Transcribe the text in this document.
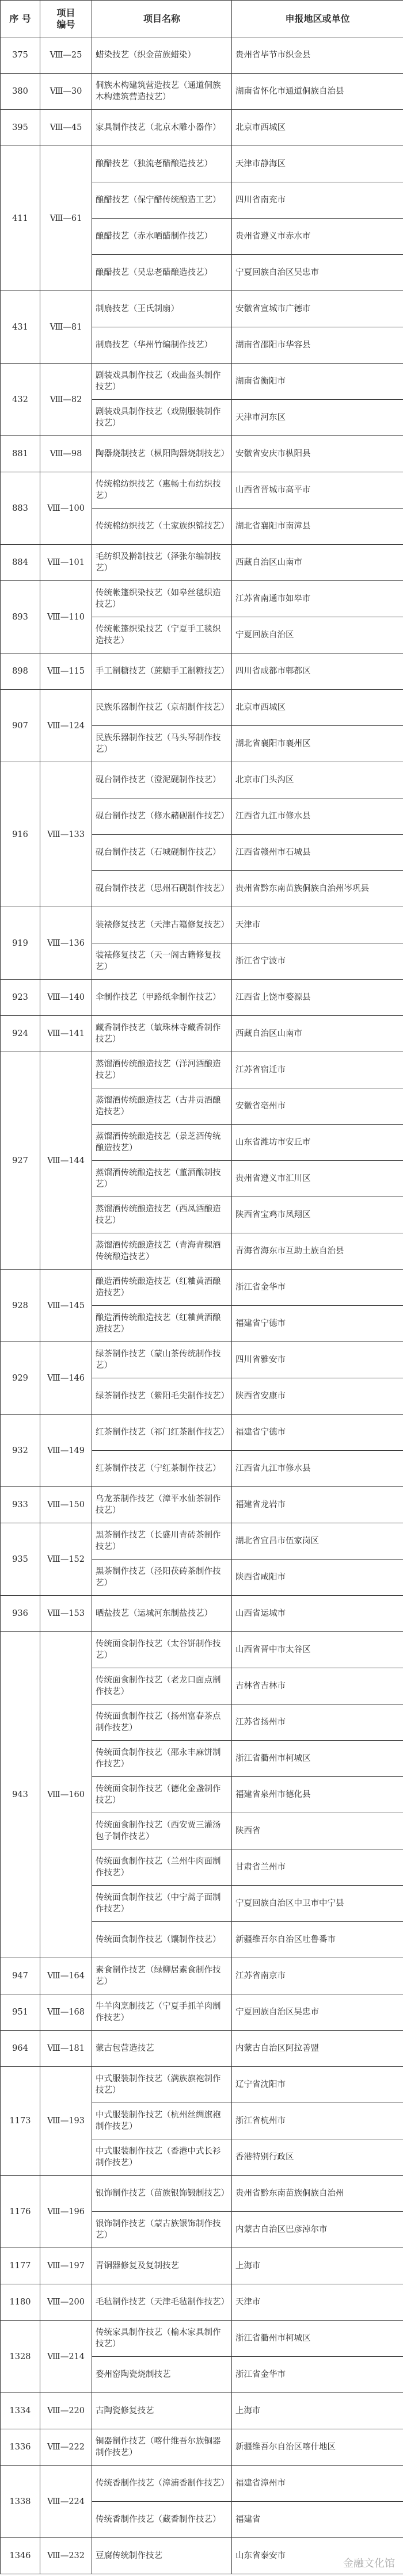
序 号	项目
编号	项目名称	申报地区或单位
375	Ⅷ—25	蜡染技艺（织金苗族蜡染）	贵州省毕节市织金县
380	Ⅷ—30	侗族木构建筑营造技艺（通道侗族木构建筑营造技艺）	湖南省怀化市通道侗族自治县
395	Ⅷ—45	家具制作技艺（北京木雕小器作）	北京市西城区
411	Ⅷ—61	酿醋技艺（独流老醋酿造技艺）	天津市静海区
		酿醋技艺（保宁醋传统酿造工艺）	四川省南充市
		酿醋技艺（赤水晒醋制作技艺）	贵州省遵义市赤水市
		酿醋技艺（吴忠老醋酿造技艺）	宁夏回族自治区吴忠市
431	Ⅷ—81	制扇技艺（王氏制扇）	安徽省宣城市广德市
		制扇技艺（华州竹编制作技艺）	湖南省邵阳市华容县
432	Ⅷ—82	剧装戏具制作技艺（戏曲盔头制作技艺）	湖南省衡阳市
		剧装戏具制作技艺（戏剧服装制作技艺）	天津市河东区
881	Ⅷ—98	陶器烧制技艺（枞阳陶器烧制技艺）	安徽省安庆市枞阳县
883	Ⅷ—100	传统棉纺织技艺（惠畅土布纺织技艺）	山西省晋城市高平市
		传统棉纺织技艺（土家族织锦技艺）	湖北省襄阳市南漳县
884	Ⅷ—101	毛纺织及擀制技艺（泽张尔编制技艺）	西藏自治区山南市
893	Ⅷ—110	传统帐篷织染技艺（如皋丝毯织造技艺）	江苏省南通市如皋市
		传统帐篷织染技艺（宁夏手工毯织造技艺）	宁夏回族自治区
898	Ⅷ—115	手工制糖技艺（蔗糖手工制糖技艺）	四川省成都市郫都区
907	Ⅷ—124	民族乐器制作技艺（京胡制作技艺）	北京市西城区
		民族乐器制作技艺（马头琴制作技艺）	湖北省襄阳市襄州区
916	Ⅷ—133	砚台制作技艺（澄泥砚制作技艺）	北京市门头沟区
		砚台制作技艺（修水赭砚制作技艺）	江西省九江市修水县
		砚台制作技艺（石城砚制作技艺）	江西省赣州市石城县
		砚台制作技艺（思州石砚制作技艺）	贵州省黔东南苗族侗族自治州岑巩县
919	Ⅷ—136	装裱修复技艺（天津古籍修复技艺）	天津市
		装裱修复技艺（天一阁古籍修复技艺）	浙江省宁波市
923	Ⅷ—140	伞制作技艺（甲路纸伞制作技艺）	江西省上饶市婺源县
924	Ⅷ—141	藏香制作技艺（敏珠林寺藏香制作技艺）	西藏自治区山南市
927	Ⅷ—144	蒸馏酒传统酿造技艺（洋河酒酿造技艺）	江苏省宿迁市
		蒸馏酒传统酿造技艺（古井贡酒酿造技艺）	安徽省亳州市
		蒸馏酒传统酿造技艺（景芝酒传统酿造技艺）	山东省潍坊市安丘市
		蒸馏酒传统酿造技艺（董酒酿制技艺）	贵州省遵义市汇川区
		蒸馏酒传统酿造技艺（西凤酒酿造技艺）	陕西省宝鸡市凤翔区
		蒸馏酒传统酿造技艺（青海青稞酒传统酿造技艺）	青海省海东市互助土族自治县
928	Ⅷ—145	酿造酒传统酿造技艺（红粬黄酒酿造技艺）	浙江省金华市
		酿造酒传统酿造技艺（红粬黄酒酿造技艺）	福建省宁德市
929	Ⅷ—146	绿茶制作技艺（蒙山茶传统制作技艺）	四川省雅安市
		绿茶制作技艺（紫阳毛尖制作技艺）	陕西省安康市
932	Ⅷ—149	红茶制作技艺（祁门红茶制作技艺）	福建省宁德市
		红茶制作技艺（宁红茶制作技艺）	江西省九江市修水县
933	Ⅷ—150	乌龙茶制作技艺（漳平水仙茶制作技艺）	福建省龙岩市
935	Ⅷ—152	黑茶制作技艺（长盛川青砖茶制作技艺）	湖北省宜昌市伍家岗区
		黑茶制作技艺（泾阳茯砖茶制作技艺）	陕西省咸阳市
936	Ⅷ—153	晒盐技艺（运城河东制盐技艺）	山西省运城市
943	Ⅷ—160	传统面食制作技艺（太谷饼制作技艺）	山西省晋中市太谷区
		传统面食制作技艺（老龙口面点制作技艺）	吉林省吉林市
		传统面食制作技艺（扬州富春茶点制作技艺）	江苏省扬州市
		传统面食制作技艺（邵永丰麻饼制作技艺）	浙江省衢州市柯城区
		传统面食制作技艺（德化金盏制作技艺）	福建省泉州市德化县
		传统面食制作技艺（西安贾三灌汤包子制作技艺）	陕西省
		传统面食制作技艺（兰州牛肉面制作技艺）	甘肃省兰州市
		传统面食制作技艺（中宁蒿子面制作技艺）	宁夏回族自治区中卫市中宁县
		传统面食制作技艺（馕制作技艺）	新疆维吾尔自治区吐鲁番市
947	Ⅷ—164	素食制作技艺（绿柳居素食制作技艺）	江苏省南京市
951	Ⅷ—168	牛羊肉烹制技艺（宁夏手抓羊肉制作技艺）	宁夏回族自治区吴忠市
964	Ⅷ—181	蒙古包营造技艺	内蒙古自治区阿拉善盟
1173	Ⅷ—193	中式服装制作技艺（满族旗袍制作技艺）	辽宁省沈阳市
		中式服装制作技艺（杭州丝绸旗袍制作技艺）	浙江省杭州市
		中式服装制作技艺（香港中式长衫制作技艺）	香港特别行政区
1176	Ⅷ—196	银饰制作技艺（苗族银饰锻制技艺）	贵州省黔东南苗族侗族自治州
		银饰制作技艺（蒙古族银饰制作技艺）	内蒙古自治区巴彦淖尔市
1177	Ⅷ—197	青铜器修复及复制技艺	上海市
1180	Ⅷ—200	毛毡制作技艺（天津毛毡制作技艺）	天津市
1328	Ⅷ—214	传统家具制作技艺（榆木家具制作技艺）	浙江省衢州市柯城区
		婺州窑陶瓷烧制技艺	浙江省金华市
1334	Ⅷ—220	古陶瓷修复技艺	上海市
1336	Ⅷ—222	铜器制作技艺（喀什维吾尔族铜器制作技艺）	新疆维吾尔自治区喀什地区
1338	Ⅷ—224	传统香制作技艺（漳浦香制作技艺）	福建省漳州市
		传统香制作技艺（藏香制作技艺）	福建省
1346	Ⅷ—232	豆腐传统制作技艺	山东省泰安市
金融文化馆
